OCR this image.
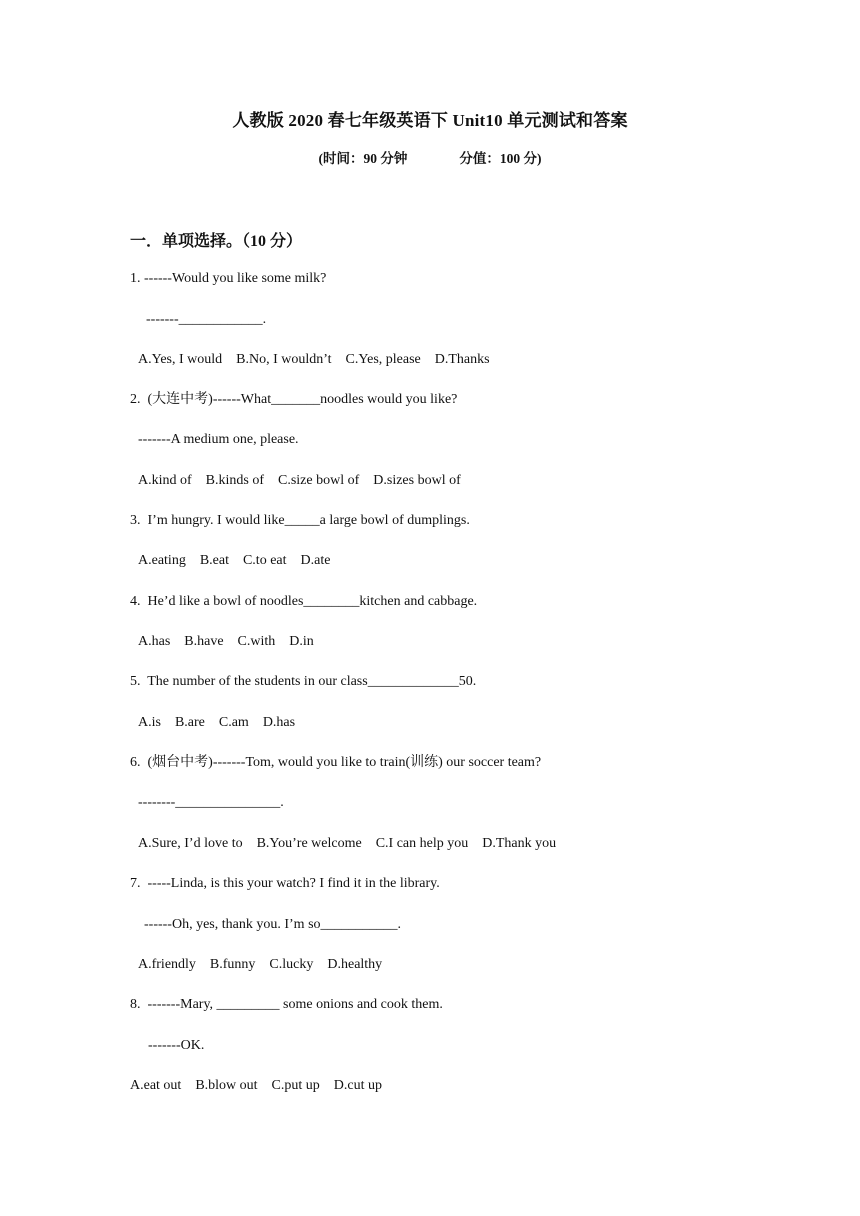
人教版 2020 春七年级英语下 Unit10 单元测试和答案
(时间：90 分钟	分值：100 分)
一．单项选择。（10 分）
1. ------Would you like some milk?
-------____________.
A.Yes, I would    B.No, I wouldn’t    C.Yes, please    D.Thanks
2.  (大连中考)------What_______noodles would you like?
-------A medium one, please.
A.kind of    B.kinds of    C.size bowl of    D.sizes bowl of
3.  I’m hungry. I would like_____a large bowl of dumplings.
A.eating    B.eat    C.to eat    D.ate
4.  He’d like a bowl of noodles________kitchen and cabbage.
A.has    B.have    C.with    D.in
5.  The number of the students in our class_____________50.
A.is    B.are    C.am    D.has
6.  (烟台中考)-------Tom, would you like to train(训练) our soccer team?
--------_______________.
A.Sure, I’d love to    B.You’re welcome    C.I can help you    D.Thank you
7.  -----Linda, is this your watch? I find it in the library.
------Oh, yes, thank you. I’m so___________.
A.friendly    B.funny    C.lucky    D.healthy
8.  -------Mary, _________ some onions and cook them.
-------OK.
A.eat out    B.blow out    C.put up    D.cut up
